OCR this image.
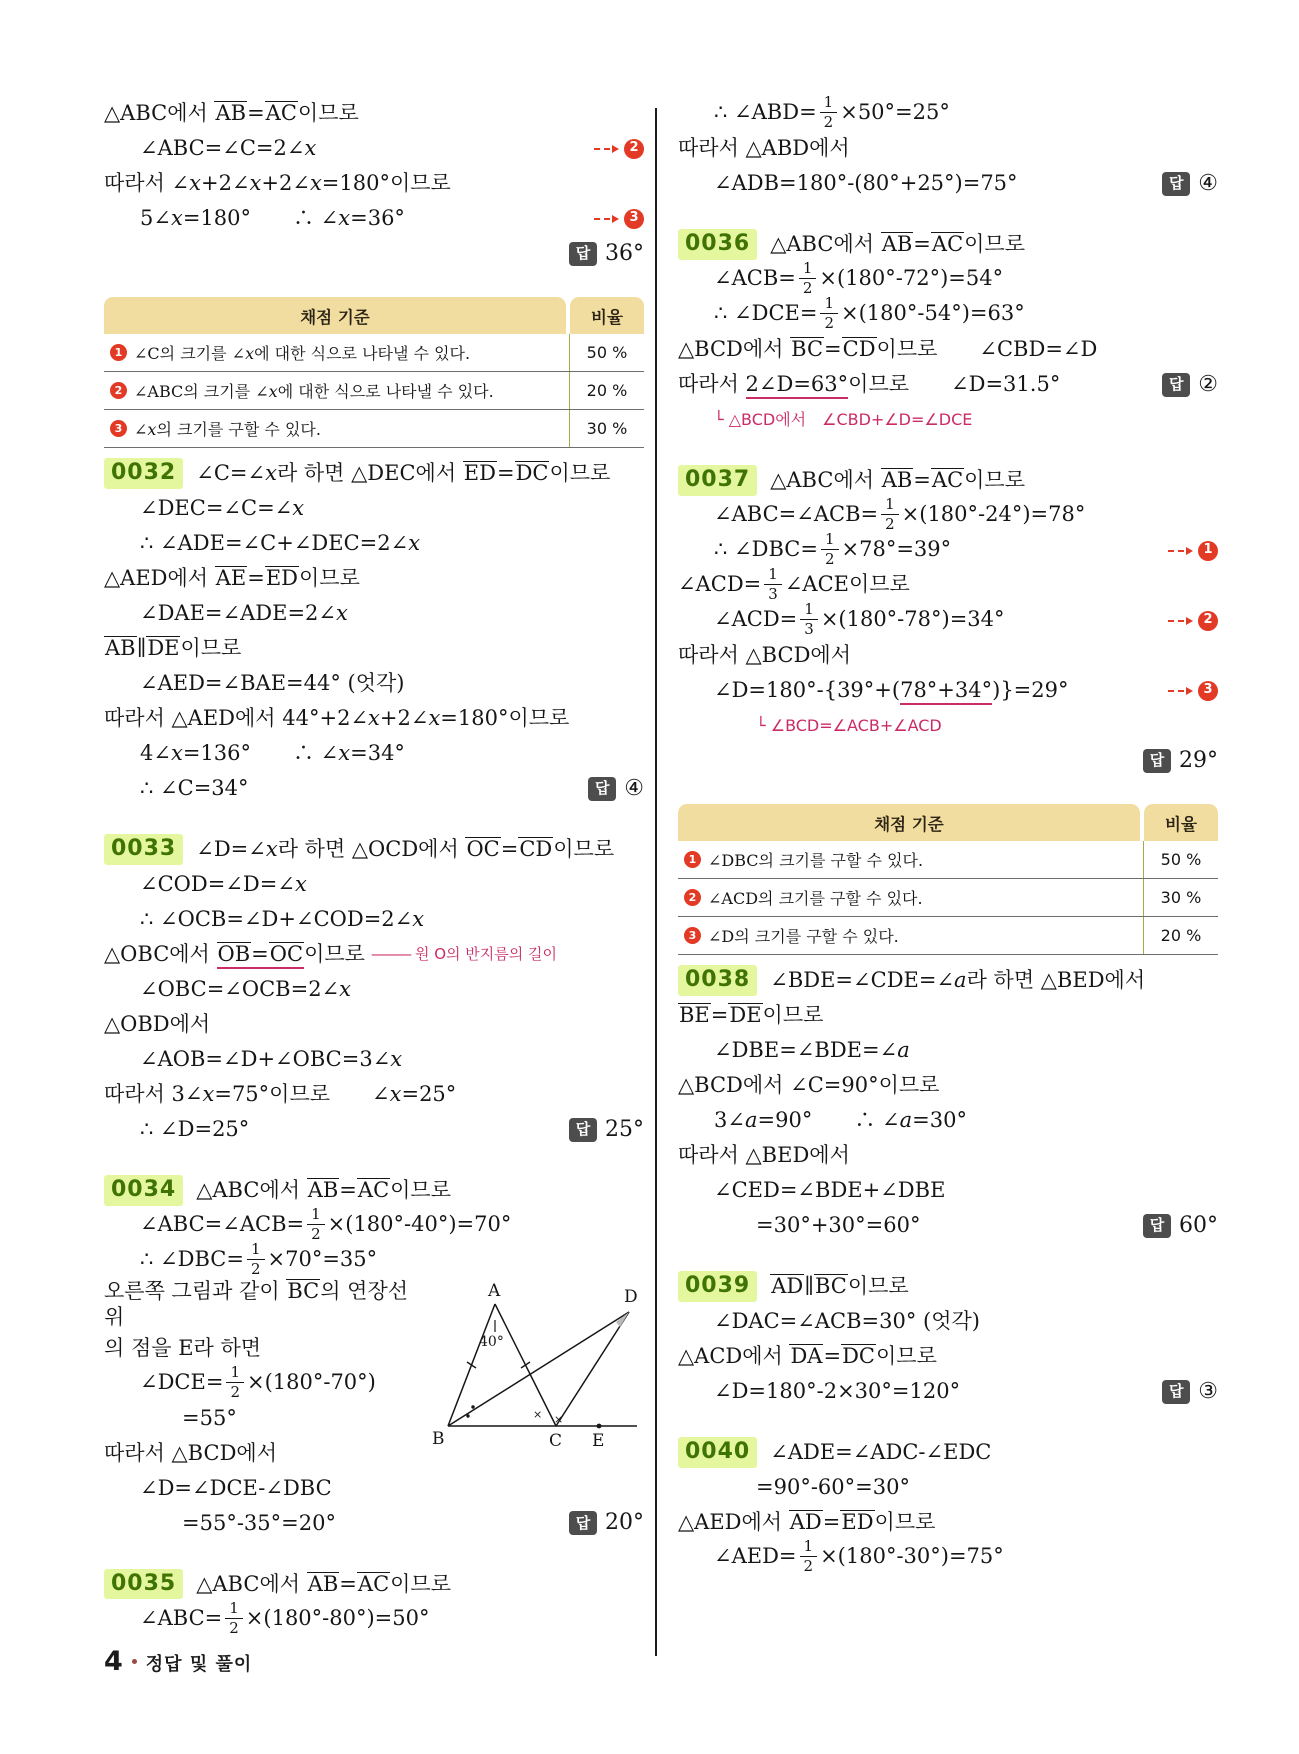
△ABC에서 AB=AC이므로
∠ABC=∠C=2∠x	2
따라서 ∠x+2∠x+2∠x=180°이므로
5∠x=180°　　∴ ∠x=36°	3
답 36°
채점 기준	비율
1 ∠C의 크기를 ∠x에 대한 식으로 나타낼 수 있다.	50 %
2 ∠ABC의 크기를 ∠x에 대한 식으로 나타낼 수 있다.	20 %
3 ∠x의 크기를 구할 수 있다.	30 %
0032 ∠C=∠x라 하면 △DEC에서 ED=DC이므로
∠DEC=∠C=∠x
∴ ∠ADE=∠C+∠DEC=2∠x
△AED에서 AE=ED이므로
∠DAE=∠ADE=2∠x
AB∥DE이므로
∠AED=∠BAE=44° (엇각)
따라서 △AED에서 44°+2∠x+2∠x=180°이므로
4∠x=136°　　∴ ∠x=34°
∴ ∠C=34°	답 ④
0033 ∠D=∠x라 하면 △OCD에서 OC=CD이므로
∠COD=∠D=∠x
∴ ∠OCB=∠D+∠COD=2∠x
△OBC에서 OB=OC이므로	——— 원 O의 반지름의 길이
∠OBC=∠OCB=2∠x
△OBD에서
∠AOB=∠D+∠OBC=3∠x
따라서 3∠x=75°이므로　　∠x=25°
∴ ∠D=25°	답 25°
0034 △ABC에서 AB=AC이므로
∠ABC=∠ACB= $\frac{1}{2} \times(180^\circ-40^\circ)=70^\circ$
∴ ∠DBC= $\frac{1}{2} \times 70^\circ=35^\circ$
× ×
40°
A
B	C
D
E
오른쪽 그림과 같이 BC의 연장선 위
의 점을 E라 하면
∠DCE= $\frac{1}{2} \times(180^\circ-70^\circ)$
=55°
따라서 △BCD에서
∠D=∠DCE-∠DBC
=55°-35°=20°	답 20°
0035 △ABC에서 AB=AC이므로
∠ABC= $\frac{1}{2} \times(180^\circ-80^\circ)=50^\circ$
∴ ∠ABD= $\frac{1}{2} \times 50^\circ=25^\circ$
따라서 △ABD에서
∠ADB=180°-(80°+25°)=75°	답 ④
0036 △ABC에서 AB=AC이므로
∠ACB= $\frac{1}{2} \times(180^\circ-72^\circ)=54^\circ$
∴ ∠DCE= $\frac{1}{2} \times(180^\circ-54^\circ)=63^\circ$
△BCD에서 BC=CD이므로　　∠CBD=∠D
따라서 2∠D=63°이므로　　∠D=31.5°	답 ②
└ △BCD에서　∠CBD+∠D=∠DCE
0037 △ABC에서 AB=AC이므로
∠ABC=∠ACB= $\frac{1}{2} \times(180^\circ-24^\circ)=78^\circ$
∴ ∠DBC= $\frac{1}{2} \times 78^\circ=39^\circ$	1
∠ACD= $\frac{1}{3}$ ∠ACE이므로
∠ACD= $\frac{1}{3} \times(180^\circ-78^\circ)=34^\circ$	2
따라서 △BCD에서
∠D=180°-{39°+(78°+34°)}=29°	3
└ ∠BCD=∠ACB+∠ACD
답 29°
채점 기준	비율
1 ∠DBC의 크기를 구할 수 있다.	50 %
2 ∠ACD의 크기를 구할 수 있다.	30 %
3 ∠D의 크기를 구할 수 있다.	20 %
0038 ∠BDE=∠CDE=∠a라 하면 △BED에서
BE=DE이므로
∠DBE=∠BDE=∠a
△BCD에서 ∠C=90°이므로
3∠a=90°　　∴ ∠a=30°
따라서 △BED에서
∠CED=∠BDE+∠DBE
=30°+30°=60°	답 60°
0039	AD∥BC이므로
∠DAC=∠ACB=30° (엇각)
△ACD에서 DA=DC이므로
∠D=180°-2×30°=120°	답 ③
0040 ∠ADE=∠ADC-∠EDC
=90°-60°=30°
△AED에서 AD=ED이므로
∠AED= $\frac{1}{2} \times(180^\circ-30^\circ)=75^\circ$
4 정답 및 풀이
